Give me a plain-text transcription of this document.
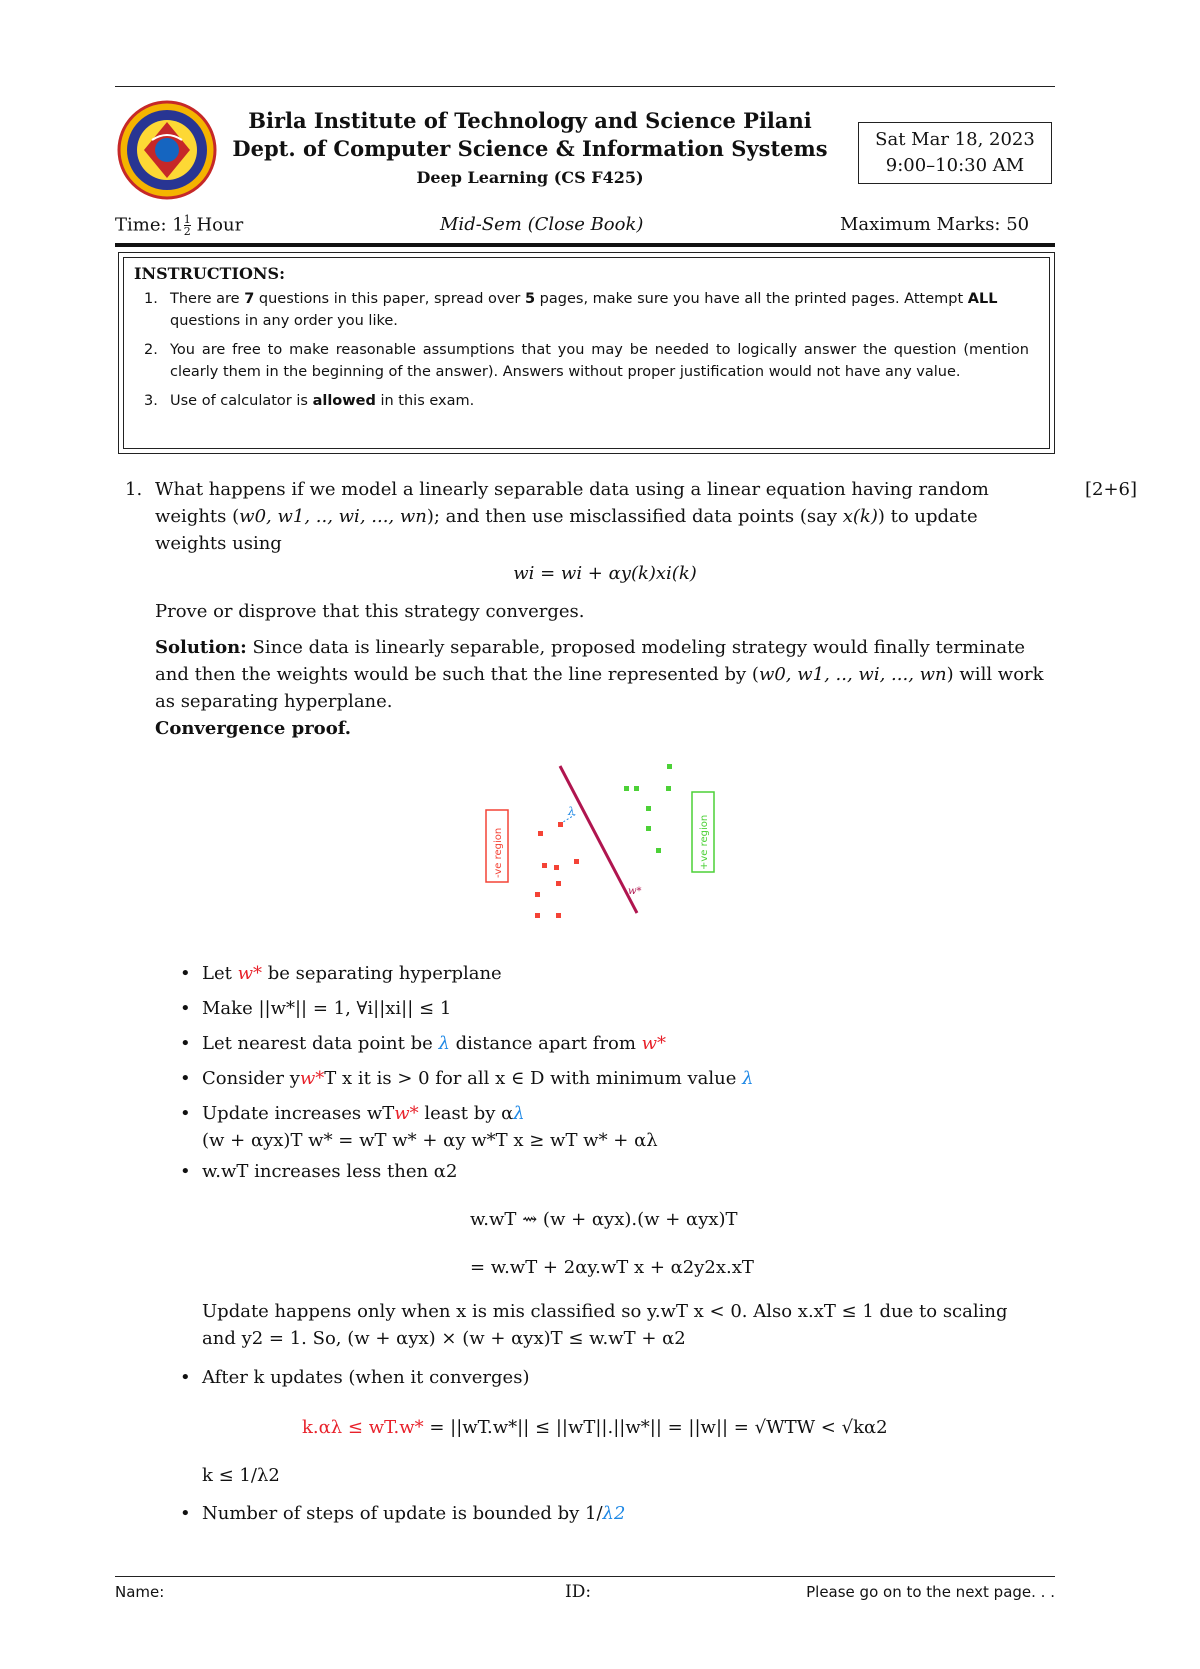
Birla Institute of Technology and Science Pilani
Dept. of Computer Science & Information Systems
Deep Learning (CS F425)
Sat Mar 18, 2023
9:00–10:30 AM
Time: $1 \frac{1}{2}$ Hour	Mid-Sem (Close Book)	Maximum Marks: 50
INSTRUCTIONS:
1. There are 7 questions in this paper, spread over 5 pages, make sure you have all the printed pages. Attempt ALL questions in any order you like.
2. You are free to make reasonable assumptions that you may be needed to logically answer the question (mention clearly them in the beginning of the answer). Answers without proper justification would not have any value.
3. Use of calculator is allowed in this exam.
1.	[2+6]
What happens if we model a linearly separable data using a linear equation having random
weights (w0, w1, .., wi, ..., wn); and then use misclassified data points (say x(k)) to update
weights using
wi = wi + αy(k)xi(k)
Prove or disprove that this strategy converges.
Solution: Since data is linearly separable, proposed modeling strategy would finally terminate
and then the weights would be such that the line represented by (w0, w1, .., wi, ..., wn) will work
as separating hyperplane.
Convergence proof.
-ve region	+ve region
w*
λ
• Let w* be separating hyperplane
• Make ||w*|| = 1, ∀i||xi|| ≤ 1
• Let nearest data point be λ distance apart from w*
• Consider yw*T x it is > 0 for all x ∈ D with minimum value λ
• Update increases wTw* least by αλ
(w + αyx)T w* = wT w* + αy w*T x ≥ wT w* + αλ
• w.wT increases less then α2
w.wT ⇝ (w + αyx).(w + αyx)T
= w.wT + 2αy.wT x + α2y2x.xT
Update happens only when x is mis classified so y.wT x < 0. Also x.xT ≤ 1 due to scaling
and y2 = 1. So, (w + αyx) × (w + αyx)T ≤ w.wT + α2
• After k updates (when it converges)
k.αλ ≤ wT.w* = ||wT.w*|| ≤ ||wT||.||w*|| = ||w|| = √WTW < √kα2
k ≤ 1/λ2
• Number of steps of update is bounded by 1/λ2
Name:	ID:	Please go on to the next page. . .
